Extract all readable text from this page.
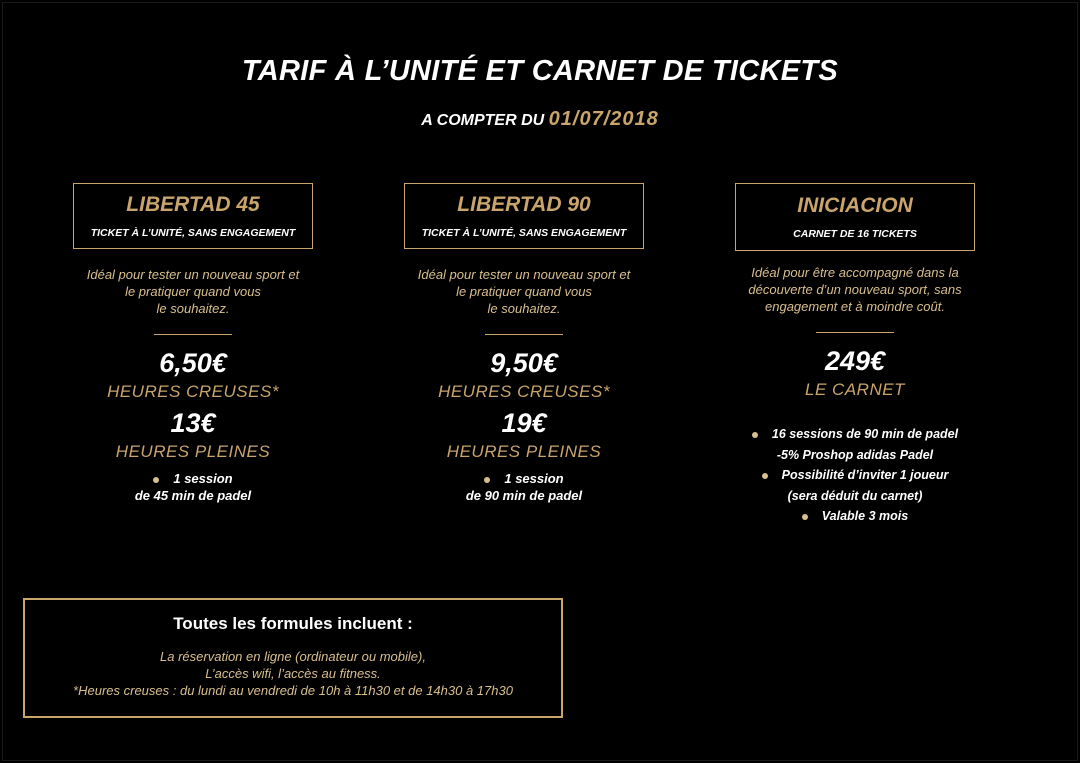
TARIF À L’UNITÉ ET CARNET DE TICKETS
A COMPTER DU 01/07/2018
LIBERTAD 45
TICKET À L’UNITÉ, SANS ENGAGEMENT
Idéal pour tester un nouveau sport et
le pratiquer quand vous
le souhaitez.
6,50€
HEURES CREUSES*
13€
HEURES PLEINES
1 session
de 45 min de padel
LIBERTAD 90
TICKET À L’UNITÉ, SANS ENGAGEMENT
Idéal pour tester un nouveau sport et
le pratiquer quand vous
le souhaitez.
9,50€
HEURES CREUSES*
19€
HEURES PLEINES
1 session
de 90 min de padel
INICIACION
CARNET DE 16 TICKETS
Idéal pour être accompagné dans la
découverte d’un nouveau sport, sans
engagement et à moindre coût.
249€
LE CARNET
16 sessions de 90 min de padel
-5% Proshop adidas Padel
Possibilité d’inviter 1 joueur
(sera déduit du carnet)
Valable 3 mois
Toutes les formules incluent :
La réservation en ligne (ordinateur ou mobile),
L’accès wifi, l’accès au fitness.
*Heures creuses : du lundi au vendredi de 10h à 11h30 et de 14h30 à 17h30
